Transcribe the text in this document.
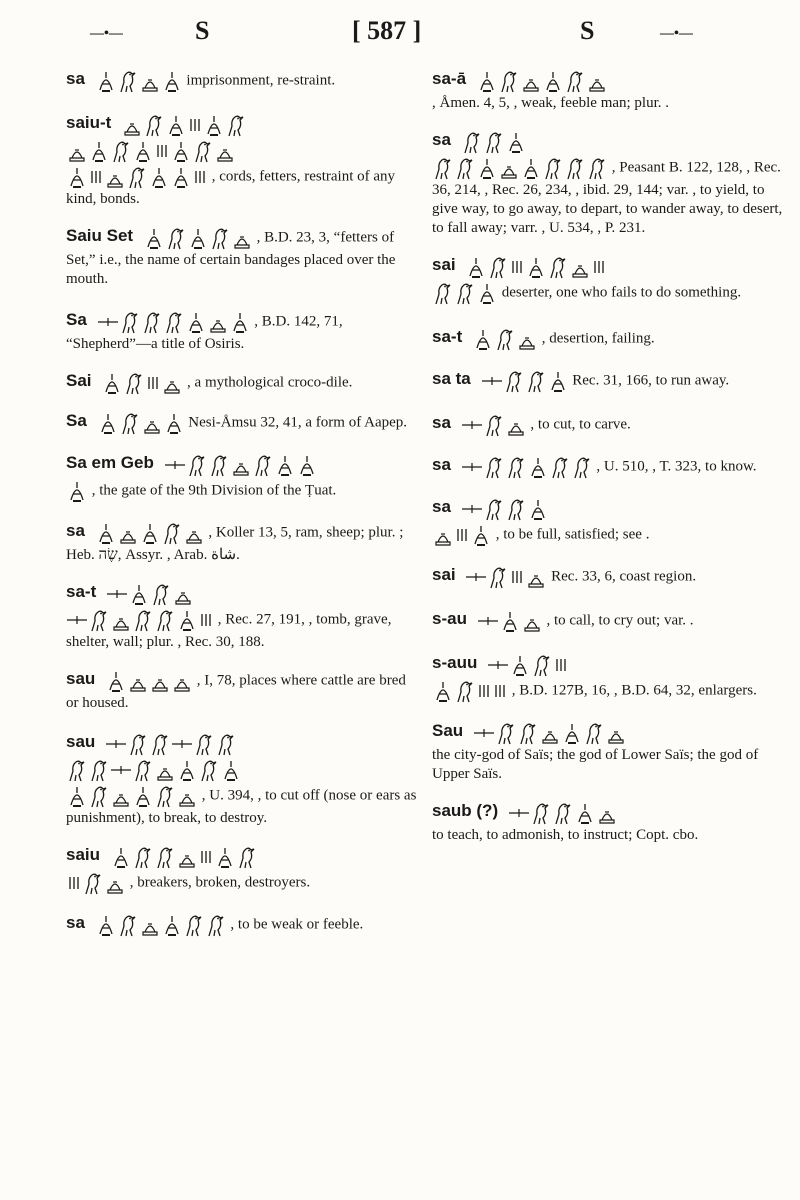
—•—	S	[ 587 ]	S	—•—

sa	imprisonment, re-straint.

saiu-t

, cords, fetters, restraint of any kind, bonds.

Saiu Set	, B.D. 23, 3, “fetters of Set,” i.e., the name of certain bandages placed over the mouth.

Sa	, B.D. 142, 71, “Shepherd”—a title of Osiris.

Sai	, a mythological croco-dile.

Sa	Nesi-Åmsu 32, 41, a form of Aapep.

Sa em Geb
, the gate of the 9th Division of the Ṭuat.

sa	, Koller 13, 5, ram, sheep; plur. ; Heb. שֶׂה, Assyr. , Arab. شاة.

sa-t
, Rec. 27, 191, , tomb, grave, shelter, wall; plur. , Rec. 30, 188.

sau	, I, 78, places where cattle are bred or housed.

sau

, U. 394, , to cut off (nose or ears as punishment), to break, to destroy.

saiu
, breakers, broken, destroyers.

sa	, to be weak or feeble.

sa-ā
, Åmen. 4, 5, , weak, feeble man; plur. .

sa
, Peasant B. 122, 128, , Rec. 36, 214, , Rec. 26, 234, , ibid. 29, 144; var. , to yield, to give way, to go away, to depart, to wander away, to desert, to fall away; varr. , U. 534, , P. 231.

sai
deserter, one who fails to do something.

sa-t	, desertion, failing.

sa ta	Rec. 31, 166, to run away.

sa	, to cut, to carve.

sa	, U. 510, , T. 323, to know.

sa
, to be full, satisfied; see .

sai	Rec. 33, 6, coast region.

s-au	, to call, to cry out; var. .

s-auu
, B.D. 127B, 16, , B.D. 64, 32, enlargers.

Sau
the city-god of Saïs; the god of Lower Saïs; the god of Upper Saïs.

saub (?)
to teach, to admonish, to instruct; Copt. cbo.
